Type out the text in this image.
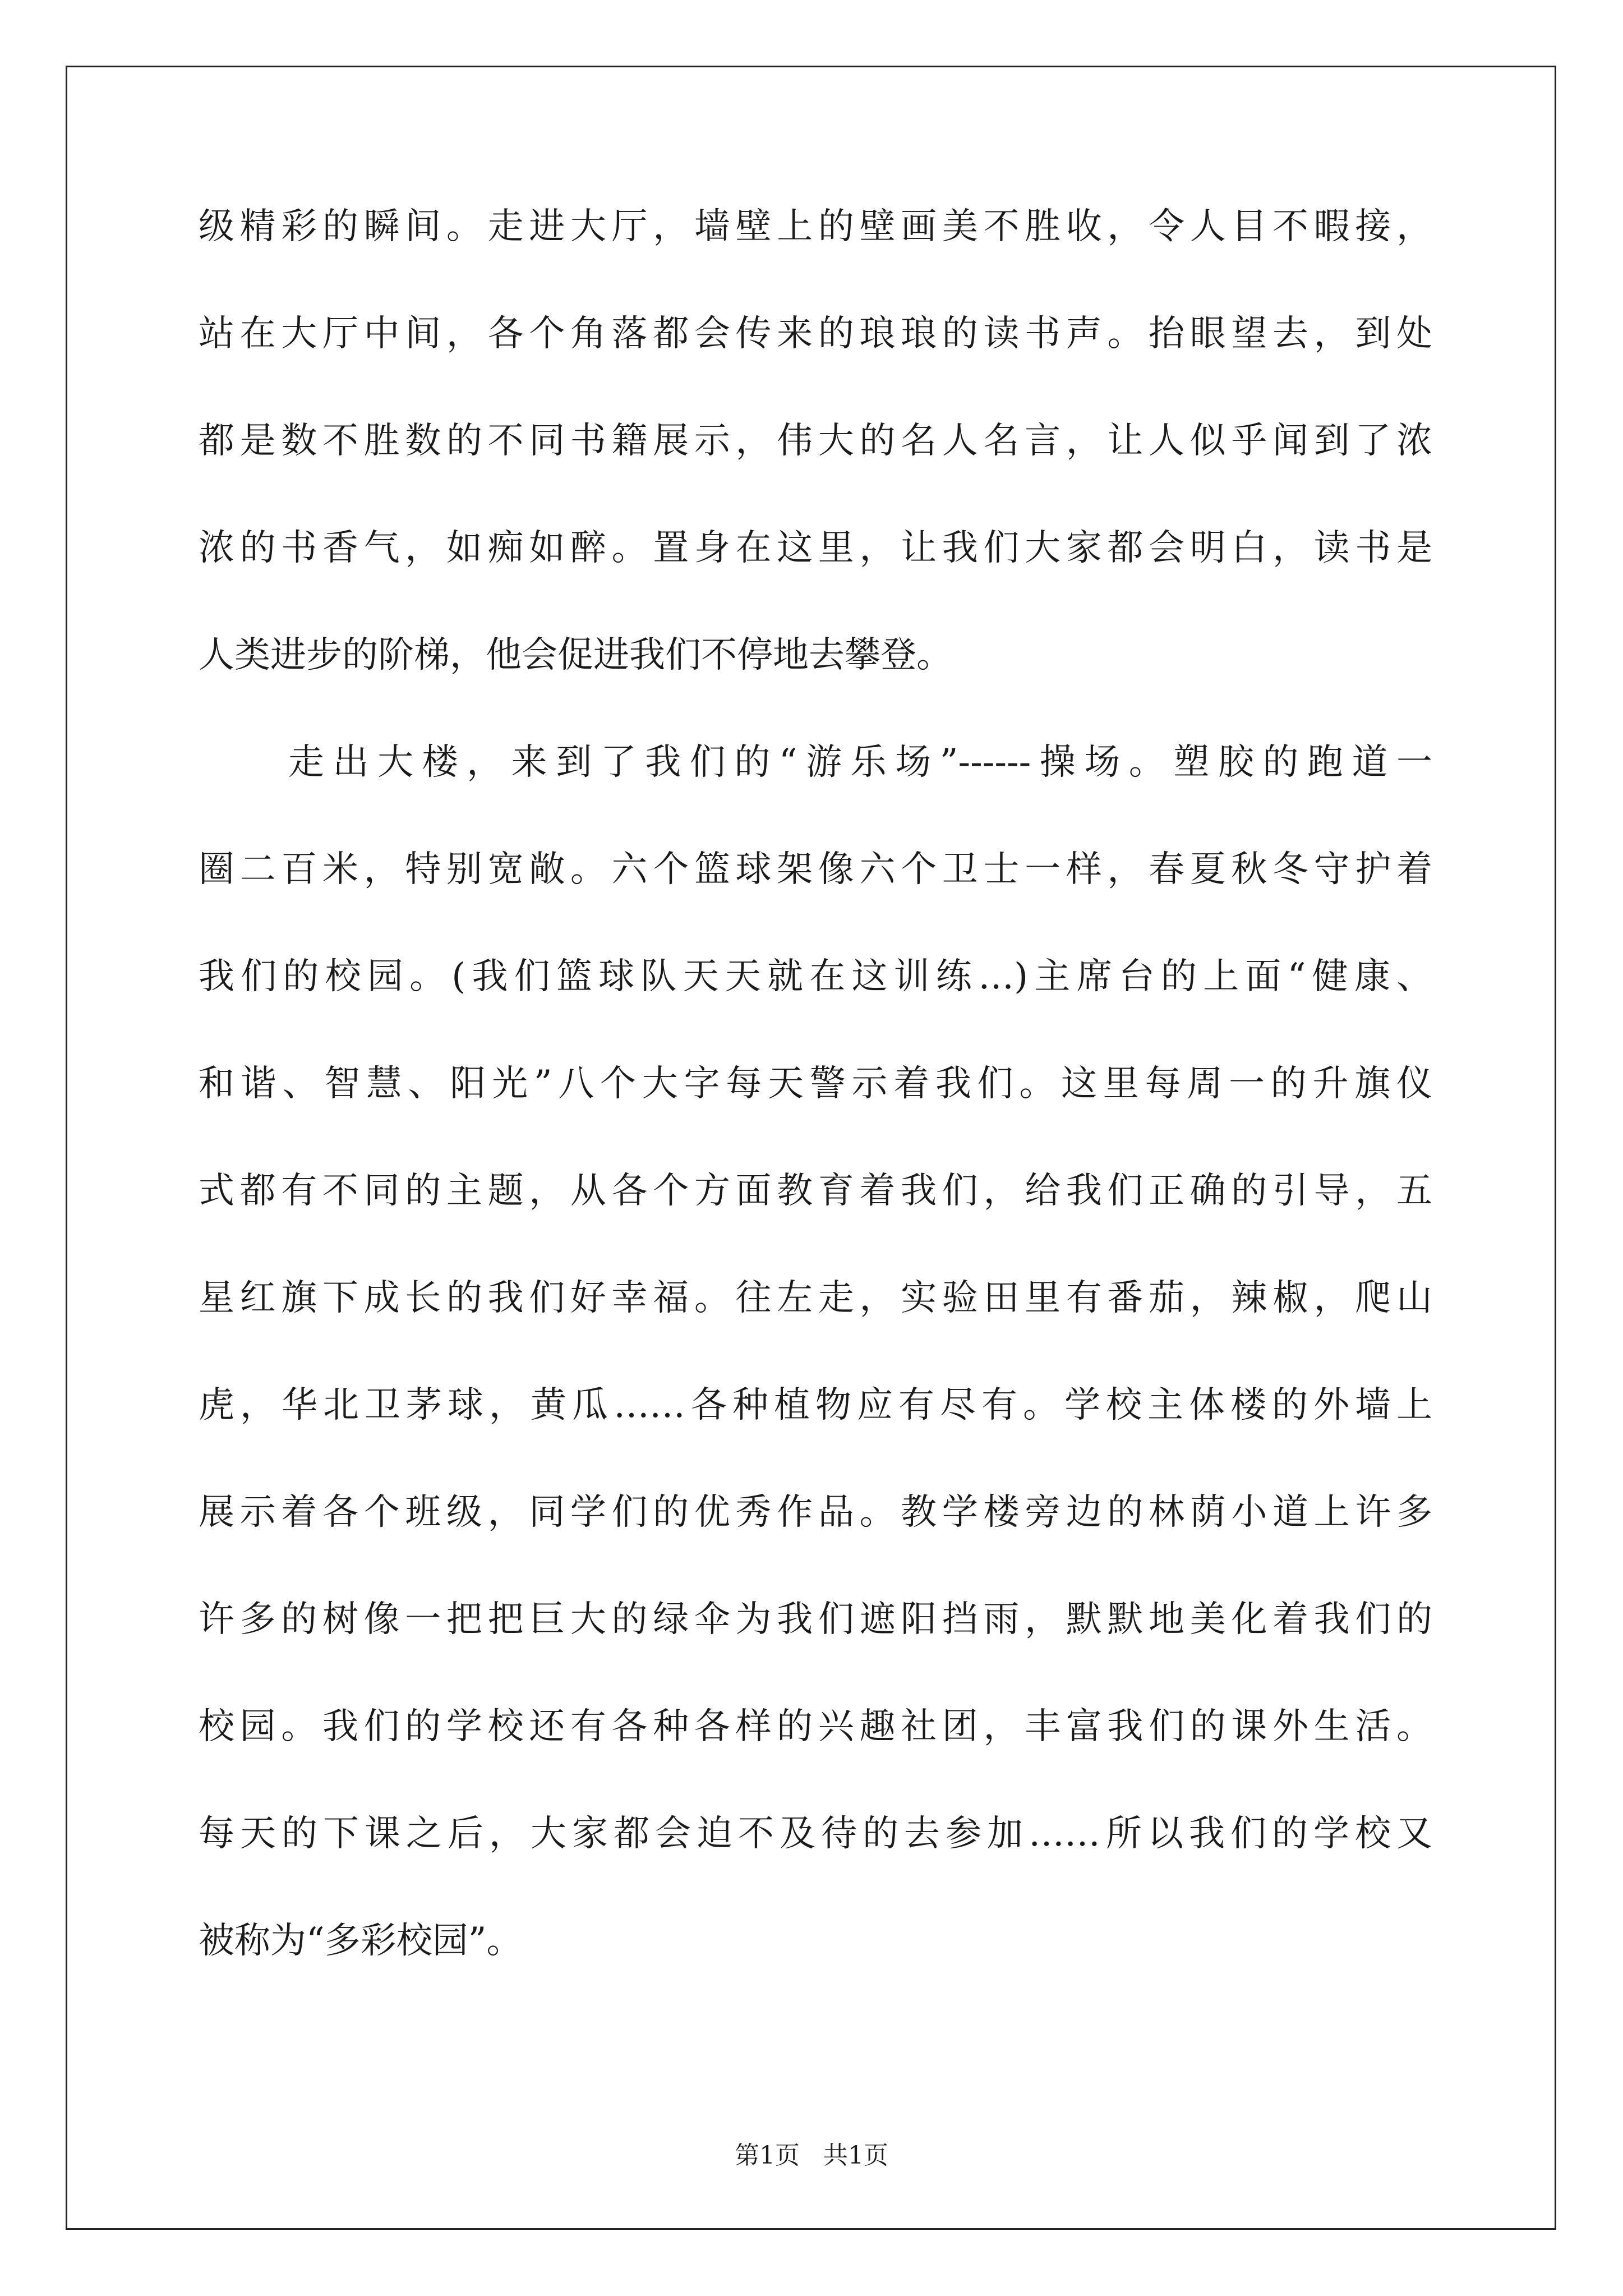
级精彩的瞬间。走进大厅，墙壁上的壁画美不胜收，令人目不暇接，
站在大厅中间，各个角落都会传来的琅琅的读书声。抬眼望去，到处
都是数不胜数的不同书籍展示，伟大的名人名言，让人似乎闻到了浓
浓的书香气，如痴如醉。置身在这里，让我们大家都会明白，读书是
人类进步的阶梯，他会促进我们不停地去攀登。
走出大楼，来到了我们的“游乐场”------操场。塑胶的跑道一
圈二百米，特别宽敞。六个篮球架像六个卫士一样，春夏秋冬守护着
我们的校园。(我们篮球队天天就在这训练…)主席台的上面“健康、
和谐、智慧、阳光”八个大字每天警示着我们。这里每周一的升旗仪
式都有不同的主题，从各个方面教育着我们，给我们正确的引导，五
星红旗下成长的我们好幸福。往左走，实验田里有番茄，辣椒，爬山
虎，华北卫茅球，黄瓜……各种植物应有尽有。学校主体楼的外墙上
展示着各个班级，同学们的优秀作品。教学楼旁边的林荫小道上许多
许多的树像一把把巨大的绿伞为我们遮阳挡雨，默默地美化着我们的
校园。我们的学校还有各种各样的兴趣社团，丰富我们的课外生活。
每天的下课之后，大家都会迫不及待的去参加……所以我们的学校又
被称为“多彩校园”。
第1页   共1页
